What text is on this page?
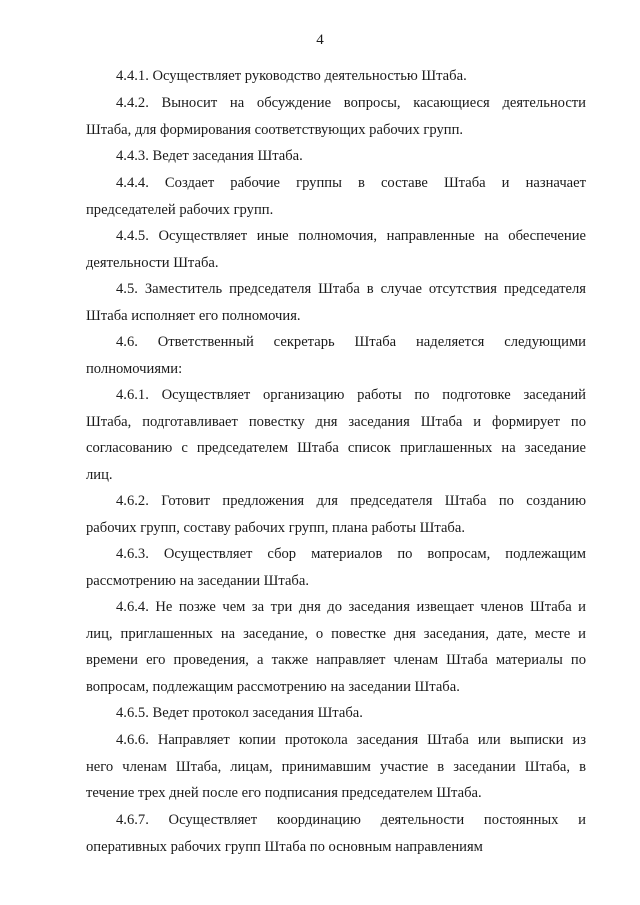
4
4.4.1. Осуществляет руководство деятельностью Штаба.
4.4.2. Выносит на обсуждение вопросы, касающиеся деятельности
Штаба, для формирования соответствующих рабочих групп.
4.4.3. Ведет заседания Штаба.
4.4.4. Создает рабочие группы в составе Штаба и назначает
председателей рабочих групп.
4.4.5. Осуществляет иные полномочия, направленные на обеспечение
деятельности Штаба.
4.5. Заместитель председателя Штаба в случае отсутствия председателя
Штаба исполняет его полномочия.
4.6. Ответственный секретарь Штаба наделяется следующими
полномочиями:
4.6.1. Осуществляет организацию работы по подготовке заседаний
Штаба, подготавливает повестку дня заседания Штаба и формирует по
согласованию с председателем Штаба список приглашенных на заседание
лиц.
4.6.2. Готовит предложения для председателя Штаба по созданию
рабочих групп, составу рабочих групп, плана работы Штаба.
4.6.3. Осуществляет сбор материалов по вопросам, подлежащим
рассмотрению на заседании Штаба.
4.6.4. Не позже чем за три дня до заседания извещает членов Штаба и
лиц, приглашенных на заседание, о повестке дня заседания, дате, месте и
времени его проведения, а также направляет членам Штаба материалы по
вопросам, подлежащим рассмотрению на заседании Штаба.
4.6.5. Ведет протокол заседания Штаба.
4.6.6. Направляет копии протокола заседания Штаба или выписки из
него членам Штаба, лицам, принимавшим участие в заседании Штаба, в
течение трех дней после его подписания председателем Штаба.
4.6.7. Осуществляет координацию деятельности постоянных и
оперативных рабочих групп Штаба по основным направлениям
